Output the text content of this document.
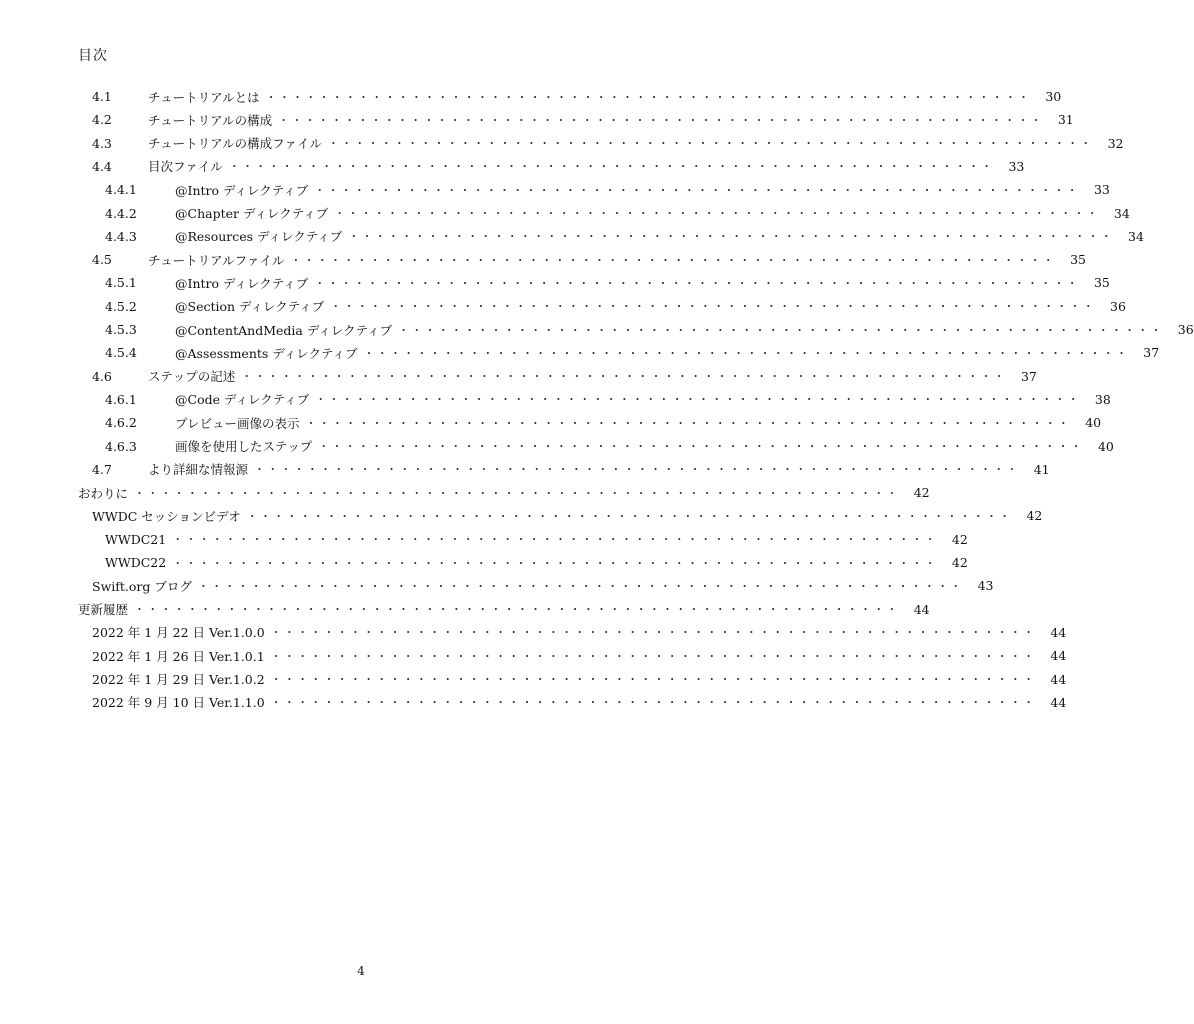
目次
4.1	チュートリアルとは ・・・・・・・・・・・・・・・・・・・・・・・・・・・・・・・・・・・・・・・・・・・・・・・・・・・・・・・・・・	30
4.2	チュートリアルの構成 ・・・・・・・・・・・・・・・・・・・・・・・・・・・・・・・・・・・・・・・・・・・・・・・・・・・・・・・・・・	31
4.3	チュートリアルの構成ファイル ・・・・・・・・・・・・・・・・・・・・・・・・・・・・・・・・・・・・・・・・・・・・・・・・・・・・・・・・・・	32
4.4	目次ファイル ・・・・・・・・・・・・・・・・・・・・・・・・・・・・・・・・・・・・・・・・・・・・・・・・・・・・・・・・・・	33
4.4.1	@Intro ディレクティブ ・・・・・・・・・・・・・・・・・・・・・・・・・・・・・・・・・・・・・・・・・・・・・・・・・・・・・・・・・・	33
4.4.2	@Chapter ディレクティブ ・・・・・・・・・・・・・・・・・・・・・・・・・・・・・・・・・・・・・・・・・・・・・・・・・・・・・・・・・・	34
4.4.3	@Resources ディレクティブ ・・・・・・・・・・・・・・・・・・・・・・・・・・・・・・・・・・・・・・・・・・・・・・・・・・・・・・・・・・	34
4.5	チュートリアルファイル ・・・・・・・・・・・・・・・・・・・・・・・・・・・・・・・・・・・・・・・・・・・・・・・・・・・・・・・・・・	35
4.5.1	@Intro ディレクティブ ・・・・・・・・・・・・・・・・・・・・・・・・・・・・・・・・・・・・・・・・・・・・・・・・・・・・・・・・・・	35
4.5.2	@Section ディレクティブ ・・・・・・・・・・・・・・・・・・・・・・・・・・・・・・・・・・・・・・・・・・・・・・・・・・・・・・・・・・	36
4.5.3	@ContentAndMedia ディレクティブ ・・・・・・・・・・・・・・・・・・・・・・・・・・・・・・・・・・・・・・・・・・・・・・・・・・・・・・・・・・	36
4.5.4	@Assessments ディレクティブ ・・・・・・・・・・・・・・・・・・・・・・・・・・・・・・・・・・・・・・・・・・・・・・・・・・・・・・・・・・	37
4.6	ステップの記述 ・・・・・・・・・・・・・・・・・・・・・・・・・・・・・・・・・・・・・・・・・・・・・・・・・・・・・・・・・・	37
4.6.1	@Code ディレクティブ ・・・・・・・・・・・・・・・・・・・・・・・・・・・・・・・・・・・・・・・・・・・・・・・・・・・・・・・・・・	38
4.6.2	プレビュー画像の表示 ・・・・・・・・・・・・・・・・・・・・・・・・・・・・・・・・・・・・・・・・・・・・・・・・・・・・・・・・・・	40
4.6.3	画像を使用したステップ ・・・・・・・・・・・・・・・・・・・・・・・・・・・・・・・・・・・・・・・・・・・・・・・・・・・・・・・・・・	40
4.7	より詳細な情報源 ・・・・・・・・・・・・・・・・・・・・・・・・・・・・・・・・・・・・・・・・・・・・・・・・・・・・・・・・・・	41
おわりに ・・・・・・・・・・・・・・・・・・・・・・・・・・・・・・・・・・・・・・・・・・・・・・・・・・・・・・・・・・	42
WWDC セッションビデオ ・・・・・・・・・・・・・・・・・・・・・・・・・・・・・・・・・・・・・・・・・・・・・・・・・・・・・・・・・・	42
WWDC21 ・・・・・・・・・・・・・・・・・・・・・・・・・・・・・・・・・・・・・・・・・・・・・・・・・・・・・・・・・・	42
WWDC22 ・・・・・・・・・・・・・・・・・・・・・・・・・・・・・・・・・・・・・・・・・・・・・・・・・・・・・・・・・・	42
Swift.org ブログ ・・・・・・・・・・・・・・・・・・・・・・・・・・・・・・・・・・・・・・・・・・・・・・・・・・・・・・・・・・	43
更新履歴 ・・・・・・・・・・・・・・・・・・・・・・・・・・・・・・・・・・・・・・・・・・・・・・・・・・・・・・・・・・	44
2022 年 1 月 22 日 Ver.1.0.0 ・・・・・・・・・・・・・・・・・・・・・・・・・・・・・・・・・・・・・・・・・・・・・・・・・・・・・・・・・・	44
2022 年 1 月 26 日 Ver.1.0.1 ・・・・・・・・・・・・・・・・・・・・・・・・・・・・・・・・・・・・・・・・・・・・・・・・・・・・・・・・・・	44
2022 年 1 月 29 日 Ver.1.0.2 ・・・・・・・・・・・・・・・・・・・・・・・・・・・・・・・・・・・・・・・・・・・・・・・・・・・・・・・・・・	44
2022 年 9 月 10 日 Ver.1.1.0 ・・・・・・・・・・・・・・・・・・・・・・・・・・・・・・・・・・・・・・・・・・・・・・・・・・・・・・・・・・	44
4
